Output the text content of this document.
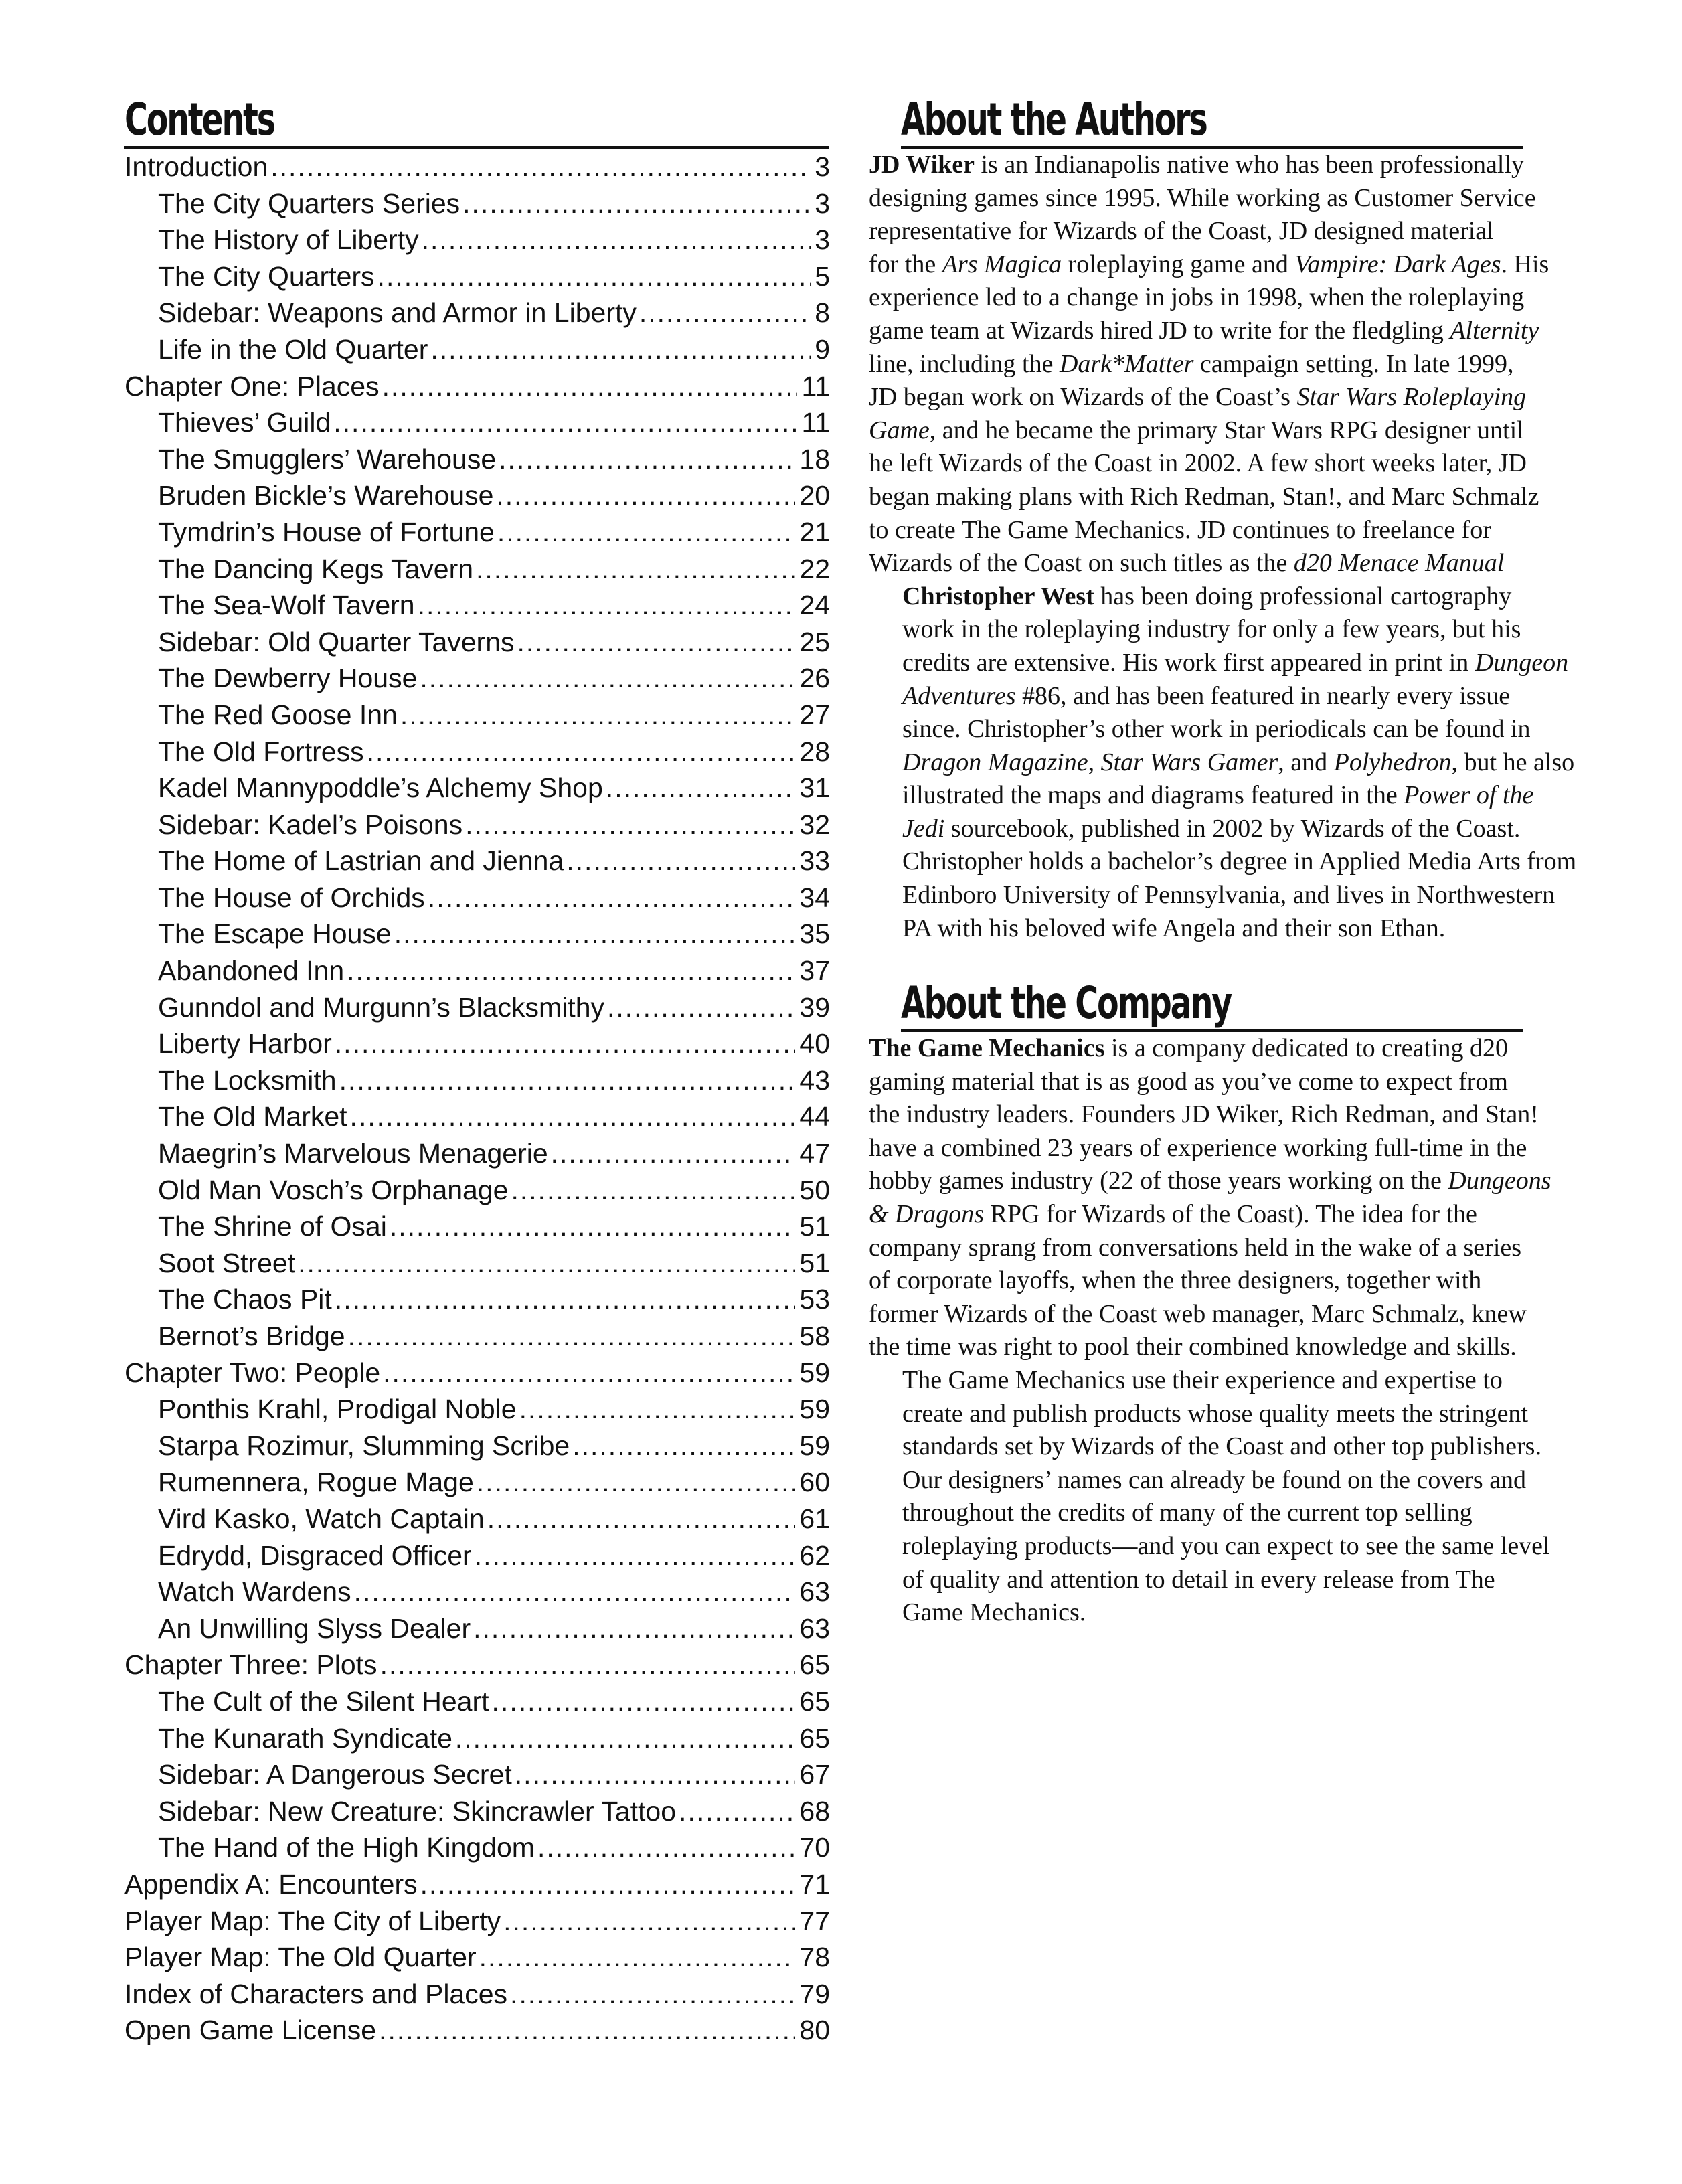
Contents
Introduction .....	3
The City Quarters Series .....	3
The History of Liberty .....	3
The City Quarters .....	5
Sidebar: Weapons and Armor in Liberty .....	8
Life in the Old Quarter .....	9
Chapter One: Places .....	11
Thieves’ Guild .....	11
The Smugglers’ Warehouse .....	18
Bruden Bickle’s Warehouse .....	20
Tymdrin’s House of Fortune .....	21
The Dancing Kegs Tavern .....	22
The Sea-Wolf Tavern .....	24
Sidebar: Old Quarter Taverns .....	25
The Dewberry House .....	26
The Red Goose Inn .....	27
The Old Fortress .....	28
Kadel Mannypoddle’s Alchemy Shop .....	31
Sidebar: Kadel’s Poisons .....	32
The Home of Lastrian and Jienna .....	33
The House of Orchids .....	34
The Escape House .....	35
Abandoned Inn .....	37
Gunndol and Murgunn’s Blacksmithy .....	39
Liberty Harbor .....	40
The Locksmith .....	43
The Old Market .....	44
Maegrin’s Marvelous Menagerie .....	47
Old Man Vosch’s Orphanage .....	50
The Shrine of Osai .....	51
Soot Street .....	51
The Chaos Pit .....	53
Bernot’s Bridge .....	58
Chapter Two: People .....	59
Ponthis Krahl, Prodigal Noble .....	59
Starpa Rozimur, Slumming Scribe .....	59
Rumennera, Rogue Mage .....	60
Vird Kasko, Watch Captain .....	61
Edrydd, Disgraced Officer .....	62
Watch Wardens .....	63
An Unwilling Slyss Dealer .....	63
Chapter Three: Plots .....	65
The Cult of the Silent Heart .....	65
The Kunarath Syndicate .....	65
Sidebar: A Dangerous Secret .....	67
Sidebar: New Creature: Skincrawler Tattoo .....	68
The Hand of the High Kingdom .....	70
Appendix A: Encounters .....	71
Player Map: The City of Liberty .....	77
Player Map: The Old Quarter .....	78
Index of Characters and Places .....	79
Open Game License .....	80
About the Authors

JD Wiker is an Indianapolis native who has been professionally
designing games since 1995. While working as Customer Service
representative for Wizards of the Coast, JD designed material
for the Ars Magica roleplaying game and Vampire: Dark Ages. His
experience led to a change in jobs in 1998, when the roleplaying
game team at Wizards hired JD to write for the fledgling Alternity
line, including the Dark*Matter campaign setting. In late 1999,
JD began work on Wizards of the Coast’s Star Wars Roleplaying
Game, and he became the primary Star Wars RPG designer until
he left Wizards of the Coast in 2002. A few short weeks later, JD
began making plans with Rich Redman, Stan!, and Marc Schmalz
to create The Game Mechanics. JD continues to freelance for
Wizards of the Coast on such titles as the d20 Menace Manual

Christopher West has been doing professional cartography
work in the roleplaying industry for only a few years, but his
credits are extensive. His work first appeared in print in Dungeon
Adventures #86, and has been featured in nearly every issue
since. Christopher’s other work in periodicals can be found in
Dragon Magazine, Star Wars Gamer, and Polyhedron, but he also
illustrated the maps and diagrams featured in the Power of the
Jedi sourcebook, published in 2002 by Wizards of the Coast.
Christopher holds a bachelor’s degree in Applied Media Arts from
Edinboro University of Pennsylvania, and lives in Northwestern
PA with his beloved wife Angela and their son Ethan.

About the Company

The Game Mechanics is a company dedicated to creating d20
gaming material that is as good as you’ve come to expect from
the industry leaders. Founders JD Wiker, Rich Redman, and Stan!
have a combined 23 years of experience working full-time in the
hobby games industry (22 of those years working on the Dungeons
& Dragons RPG for Wizards of the Coast). The idea for the
company sprang from conversations held in the wake of a series
of corporate layoffs, when the three designers, together with
former Wizards of the Coast web manager, Marc Schmalz, knew
the time was right to pool their combined knowledge and skills.

The Game Mechanics use their experience and expertise to
create and publish products whose quality meets the stringent
standards set by Wizards of the Coast and other top publishers.
Our designers’ names can already be found on the covers and
throughout the credits of many of the current top selling
roleplaying products—and you can expect to see the same level
of quality and attention to detail in every release from The
Game Mechanics.
